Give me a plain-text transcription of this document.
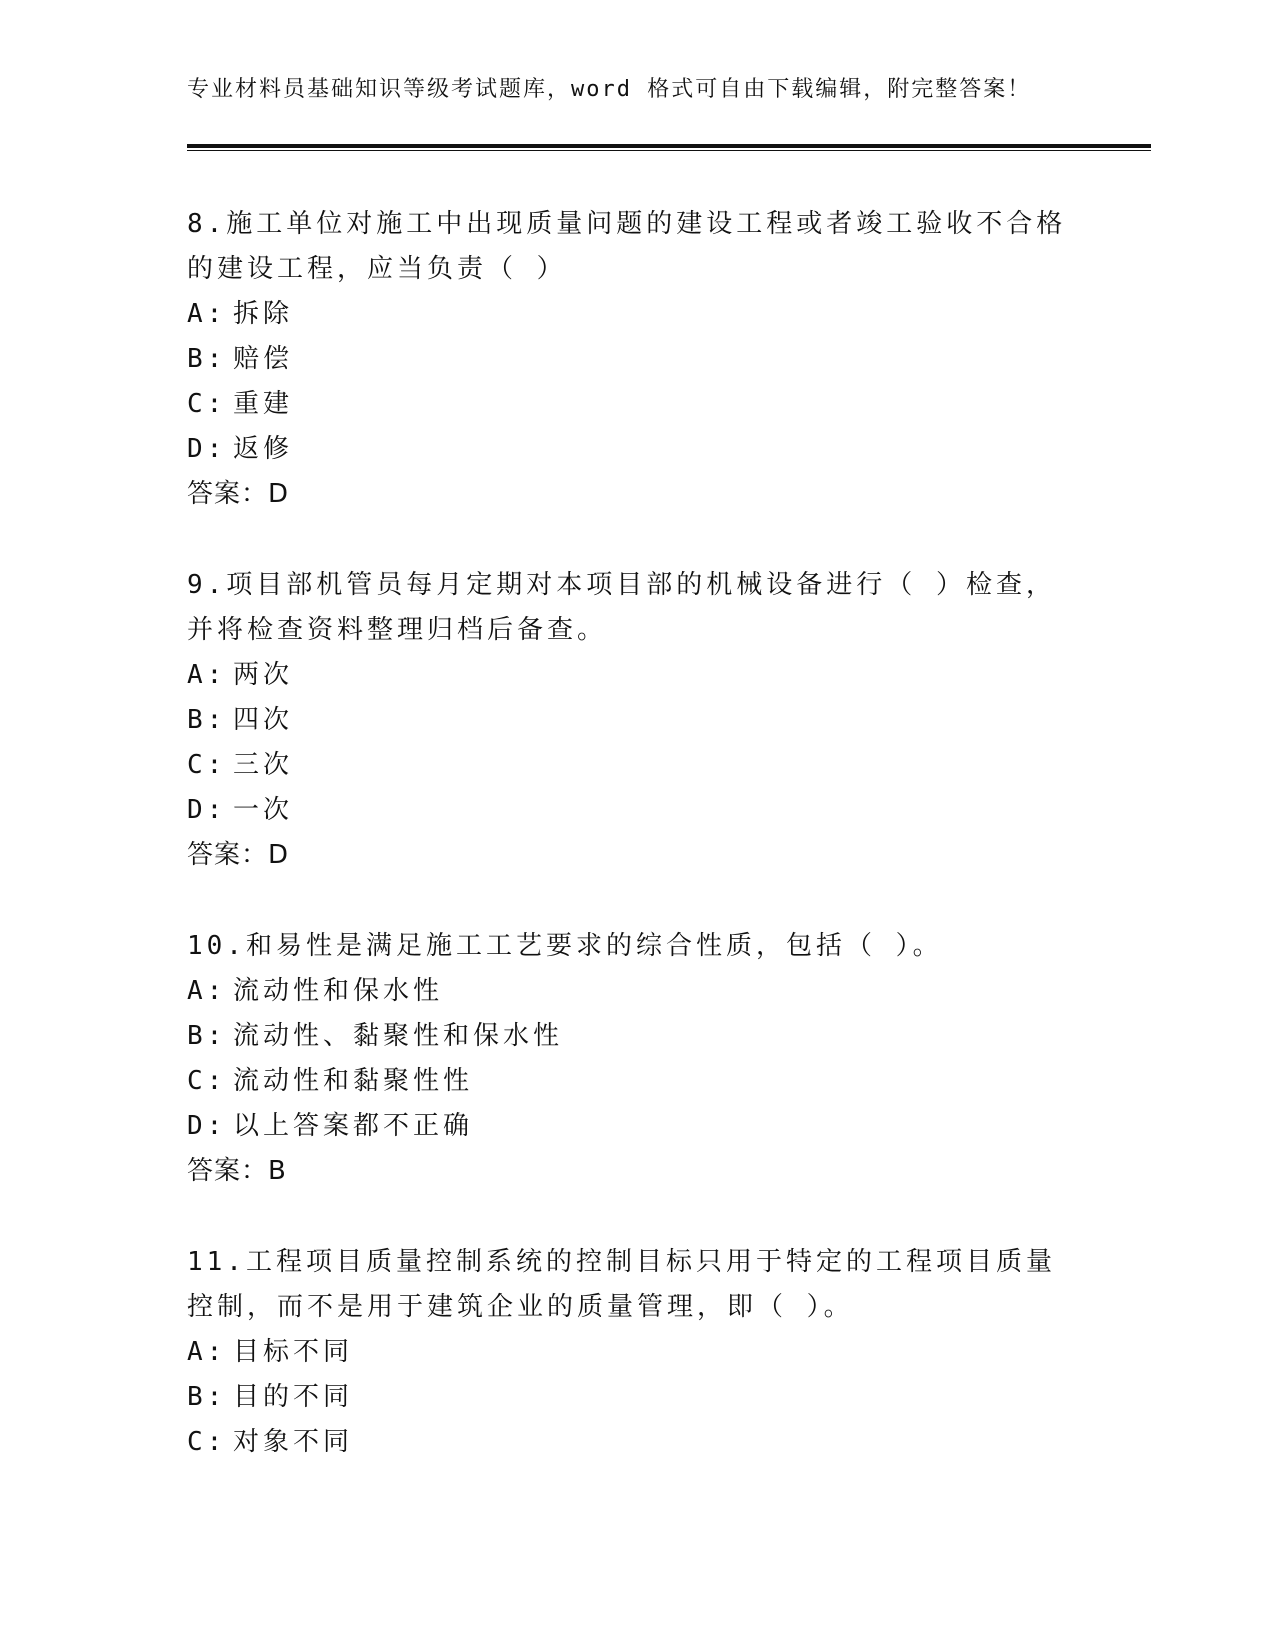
专业材料员基础知识等级考试题库，word 格式可自由下载编辑，附完整答案！

8.施工单位对施工中出现质量问题的建设工程或者竣工验收不合格的建设工程，应当负责（ ）

A: 拆除
B: 赔偿
C: 重建
D: 返修
答案：D

9.项目部机管员每月定期对本项目部的机械设备进行（ ）检查，并将检查资料整理归档后备查。

A: 两次
B: 四次
C: 三次
D: 一次
答案：D

10.和易性是满足施工工艺要求的综合性质，包括（ ）。

A: 流动性和保水性
B: 流动性、黏聚性和保水性
C: 流动性和黏聚性性
D: 以上答案都不正确
答案：B

11.工程项目质量控制系统的控制目标只用于特定的工程项目质量控制，而不是用于建筑企业的质量管理，即（ ）。

A: 目标不同
B: 目的不同
C: 对象不同
